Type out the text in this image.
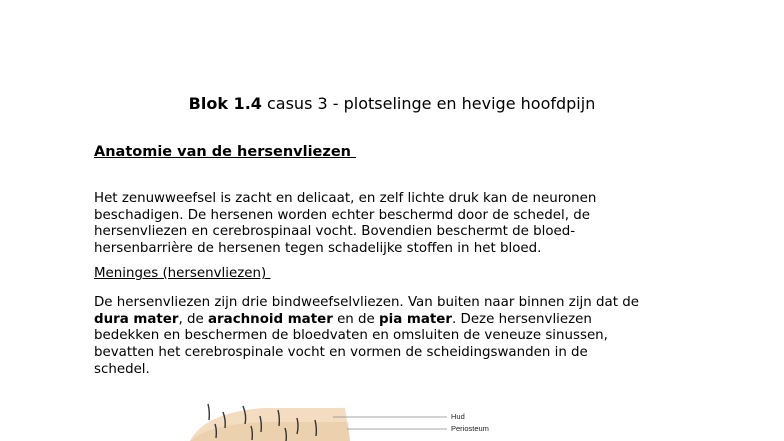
Blok 1.4 casus 3 - plotselinge en hevige hoofdpijn
Anatomie van de hersenvliezen
Het zenuwweefsel is zacht en delicaat, en zelf lichte druk kan de neuronen
beschadigen. De hersenen worden echter beschermd door de schedel, de
hersenvliezen en cerebrospinaal vocht. Bovendien beschermt de bloed-
hersenbarrière de hersenen tegen schadelijke stoffen in het bloed.
Meninges (hersenvliezen)
De hersenvliezen zijn drie bindweefselvliezen. Van buiten naar binnen zijn dat de
dura mater, de arachnoid mater en de pia mater. Deze hersenvliezen
bedekken en beschermen de bloedvaten en omsluiten de veneuze sinussen,
bevatten het cerebrospinale vocht en vormen de scheidingswanden in de
schedel.
Hud
Periosteum
